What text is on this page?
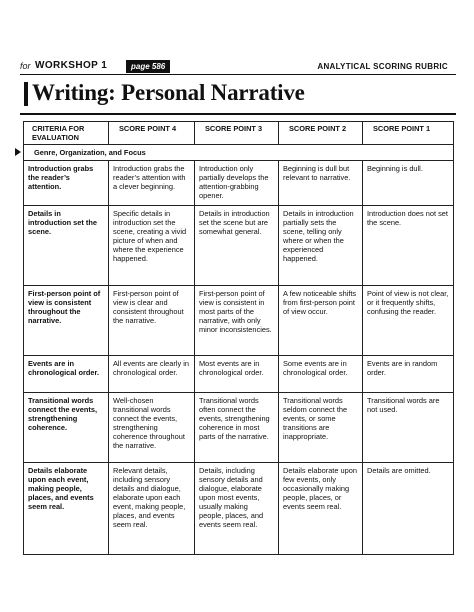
for WORKSHOP 1	page 586	ANALYTICAL SCORING RUBRIC
Writing: Personal Narrative
CRITERIA FOR EVALUATION	SCORE POINT 4	SCORE POINT 3	SCORE POINT 2	SCORE POINT 1

Genre, Organization, and Focus				
Introduction grabs the reader’s attention.	Introduction grabs the reader’s attention with a clever beginning.	Introduction only partially develops the attention-grabbing opener.	Beginning is dull but relevant to narrative.	Beginning is dull.
Details in introduction set the scene.	Specific details in introduction set the scene, creating a vivid picture of when and where the experience happened.	Details in introduction set the scene but are somewhat general.	Details in introduction partially sets the scene, telling only where or when the experienced happened.	Introduction does not set the scene.
First-person point of view is consistent throughout the narrative.	First-person point of view is clear and consistent throughout the narrative.	First-person point of view is consistent in most parts of the narrative, with only minor inconsistencies.	A few noticeable shifts from first-person point of view occur.	Point of view is not clear, or it frequently shifts, confusing the reader.
Events are in chronological order.	All events are clearly in chronological order.	Most events are in chronological order.	Some events are in chronological order.	Events are in random order.
Transitional words connect the events, strengthening coherence.	Well-chosen transitional words connect the events, strengthening coherence throughout the narrative.	Transitional words often connect the events, strengthening coherence in most parts of the narrative.	Transitional words seldom connect the events, or some transitions are inappropriate.	Transitional words are not used.
Details elaborate upon each event, making people, places, and events seem real.	Relevant details, including sensory details and dialogue, elaborate upon each event, making people, places, and events seem real.	Details, including sensory details and dialogue, elaborate upon most events, usually making people, places, and events seem real.	Details elaborate upon few events, only occasionally making people, places, or events seem real.	Details are omitted.
